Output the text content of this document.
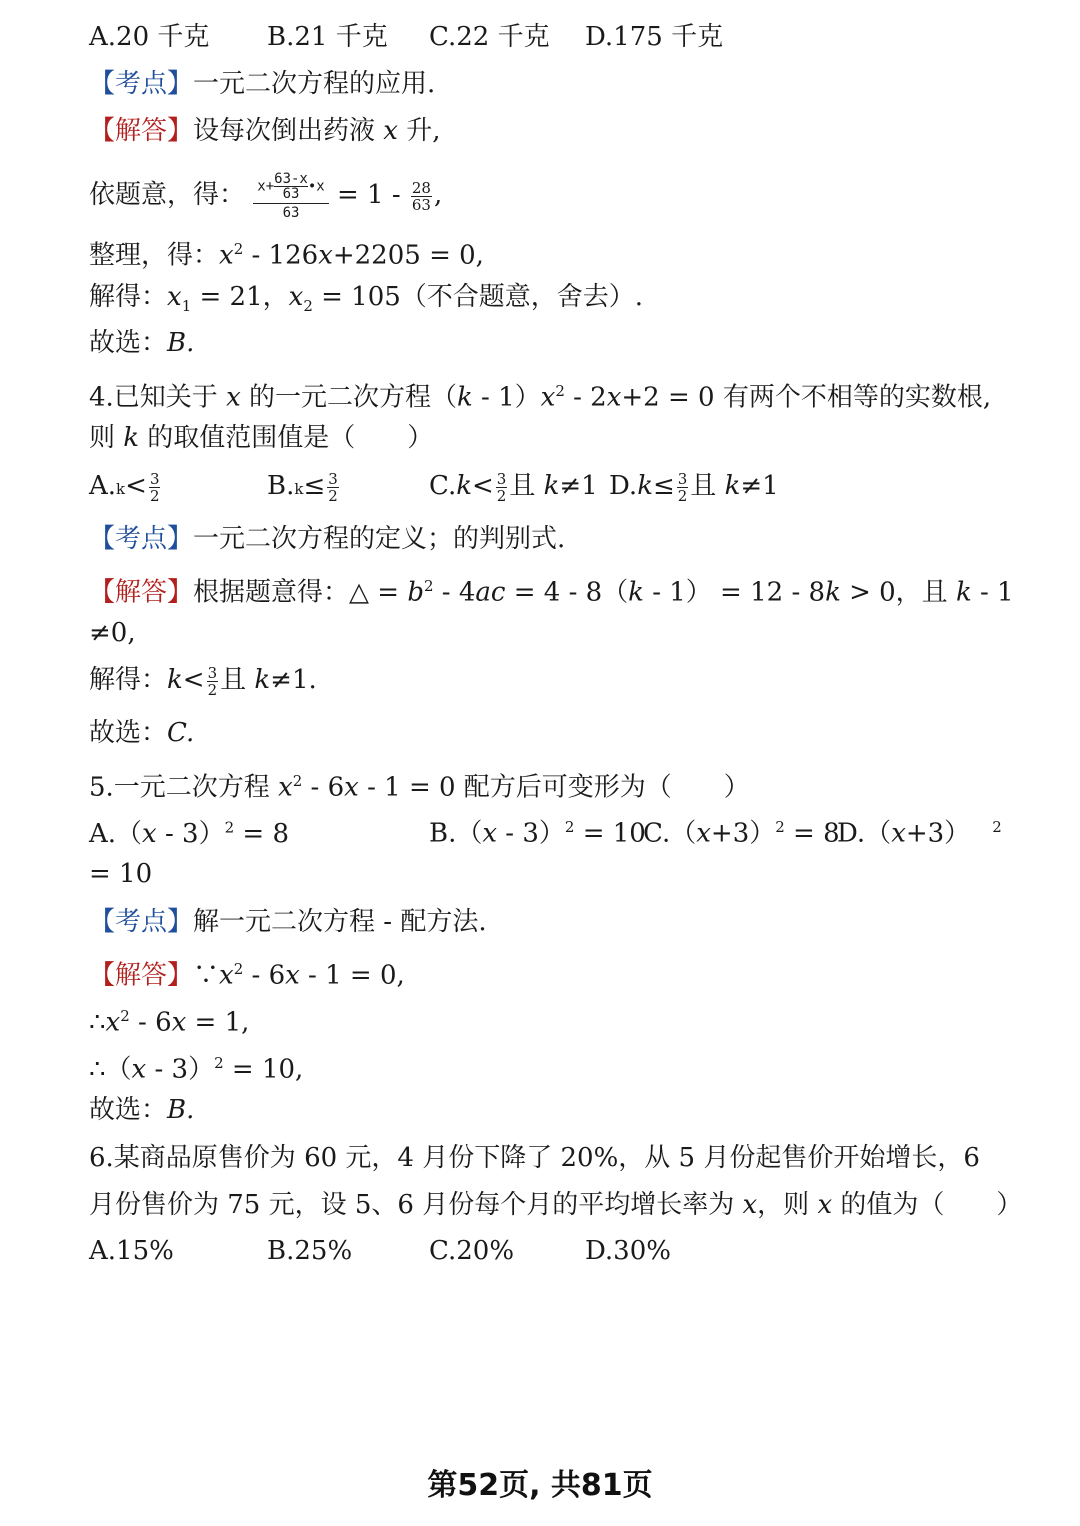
A.20 千克 B.21 千克 C.22 千克 D.175 千克
【考点】一元二次方程的应用.
【解答】设每次倒出药液 x 升,
依题意，得： $\frac{x+ \frac{63-x}{63} •x}{63} = 1 - \frac{28}{63}$ ,
整理，得：$x^2 - 126x+2205 = 0$,
解得：$x_1 = 21$，$x_2 = 105$（不合题意，舍去）.
故选：B.
4.已知关于 x 的一元二次方程$(k - 1)x^2 - 2x+2 = 0$ 有两个不相等的实数根,
则 k 的取值范围值是（　　）
$A.k< \frac{3}{2}$	$B.k\le \frac{3}{2}$	$C.k< \frac{3}{2}$ 且 k≠1 $D.k\le \frac{3}{2}$ 且 k≠1
【考点】一元二次方程的定义；的判别式.
【解答】根据题意得：△ = $b^2 - 4ac = 4 - 8(k - 1) = 12 - 8k > 0$，且 k - 1
≠0,
解得：$k< \frac{3}{2}$ 且 k≠1.
故选：C.
5.一元二次方程 $x^2 - 6x - 1 = 0$ 配方后可变形为（　　）
A.（x - 3）$^2$ = 8	B.（x - 3）$^2$ = 10
$C.(x+3)^2 = 8$
D.（x+3） $^2$
= 10
【考点】解一元二次方程 - 配方法.
【解答】$\because x^2 - 6x - 1 = 0$,
$\therefore x^2 - 6x = 1$,
∴（x - 3）$^2$ = 10,
故选：B.
6.某商品原售价为 60 元，4 月份下降了 20%，从 5 月份起售价开始增长，6
月份售价为 75 元，设 5、6 月份每个月的平均增长率为 x，则 x 的值为（　　）
A.15%	B.25%	C.20%	D.30%
第52页, 共81页
